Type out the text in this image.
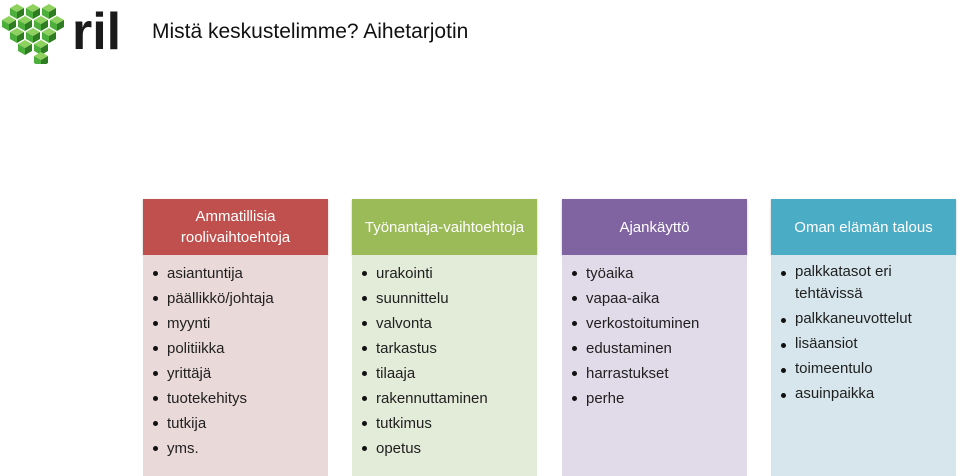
ril Mistä keskustelimme? Aihetarjotin
Ammatillisia roolivaihtoehtoja
asiantuntija
päällikkö/johtaja
myynti
politiikka
yrittäjä
tuotekehitys
tutkija
yms.
Työnantaja-vaihtoehtoja
urakointi
suunnittelu
valvonta
tarkastus
tilaaja
rakennuttaminen
tutkimus
opetus
Ajankäyttö
työaika
vapaa-aika
verkostoituminen
edustaminen
harrastukset
perhe
Oman elämän talous
palkkatasot eri tehtävissä
palkkaneuvottelut
lisäansiot
toimeentulo
asuinpaikka
